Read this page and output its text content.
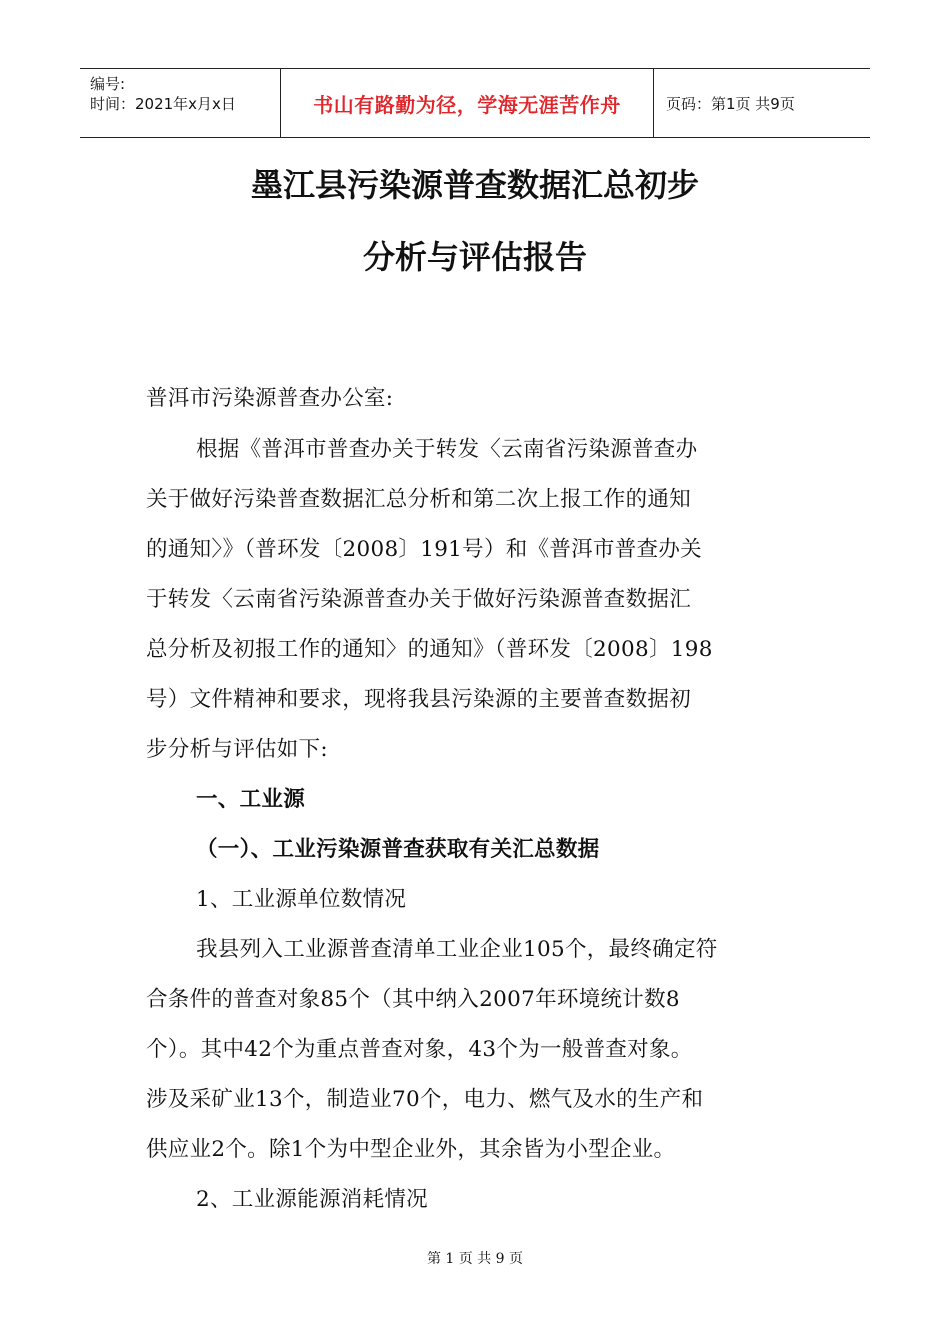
编号:
时间：2021年x月x日	书山有路勤为径，学海无涯苦作舟	页码：第1页 共9页
墨江县污染源普查数据汇总初步
分析与评估报告
普洱市污染源普查办公室:
根据《普洱市普查办关于转发〈云南省污染源普查办
关于做好污染普查数据汇总分析和第二次上报工作的通知
的通知〉》（普环发〔2008〕191号）和《普洱市普查办关
于转发〈云南省污染源普查办关于做好污染源普查数据汇
总分析及初报工作的通知〉的通知》（普环发〔2008〕198
号）文件精神和要求，现将我县污染源的主要普查数据初
步分析与评估如下:
一、工业源
（一）、工业污染源普查获取有关汇总数据
1、工业源单位数情况
我县列入工业源普查清单工业企业105个，最终确定符
合条件的普查对象85个（其中纳入2007年环境统计数8
个）。其中42个为重点普查对象，43个为一般普查对象。
涉及采矿业13个，制造业70个，电力、燃气及水的生产和
供应业2个。除1个为中型企业外，其余皆为小型企业。
2、工业源能源消耗情况
第 1 页 共 9 页
